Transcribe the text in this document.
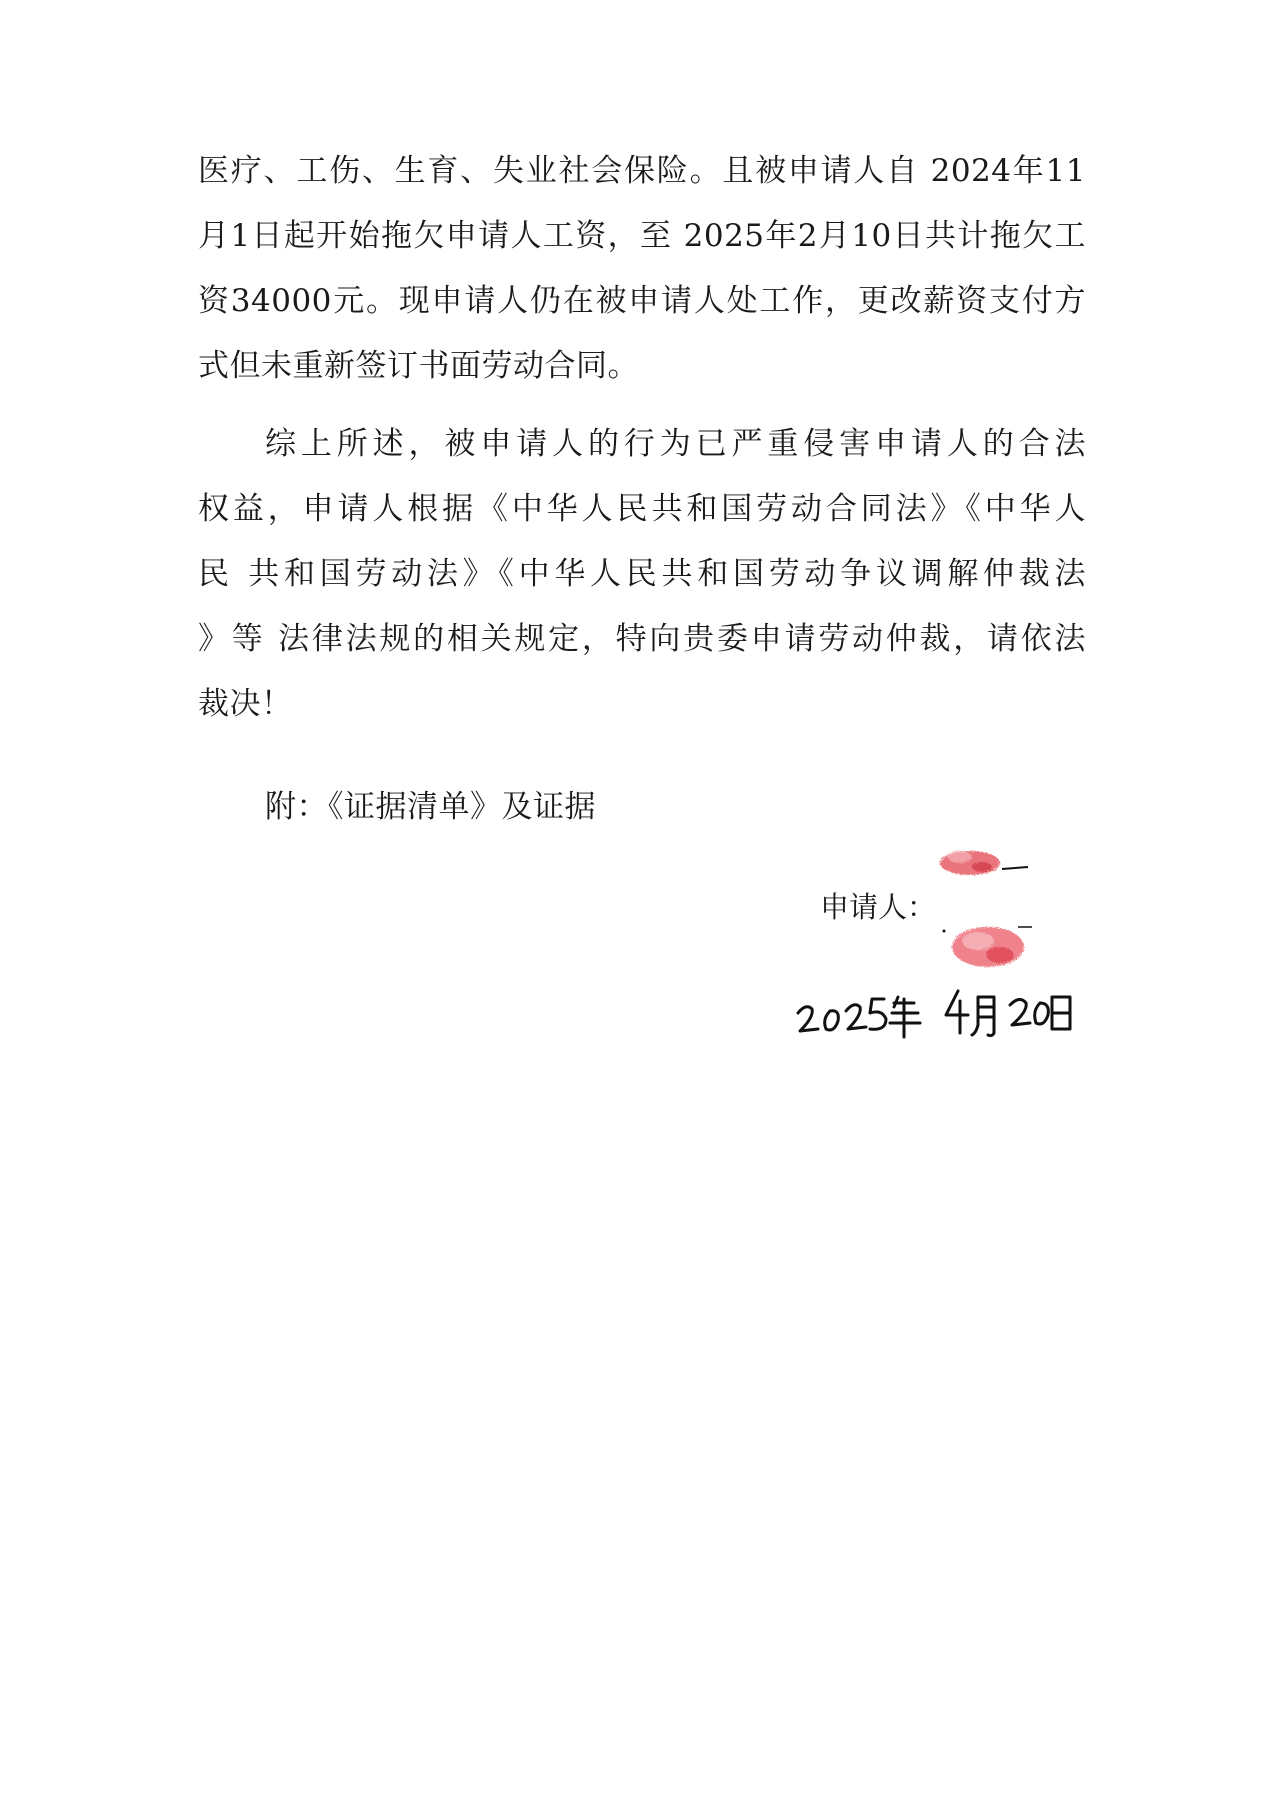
医疗、工伤、生育、失业社会保险。且被申请人自 2024年11
月1日起开始拖欠申请人工资，至 2025年2月10日共计拖欠工
资34000元。现申请人仍在被申请人处工作，更改薪资支付方
式但未重新签订书面劳动合同。
综上所述，被申请人的行为已严重侵害申请人的合法
权益，申请人根据《中华人民共和国劳动合同法》《中华人
民 共和国劳动法》《中华人民共和国劳动争议调解仲裁法
》等 法律法规的相关规定，特向贵委申请劳动仲裁，请依法
裁决！
附：《证据清单》及证据
申请人：
